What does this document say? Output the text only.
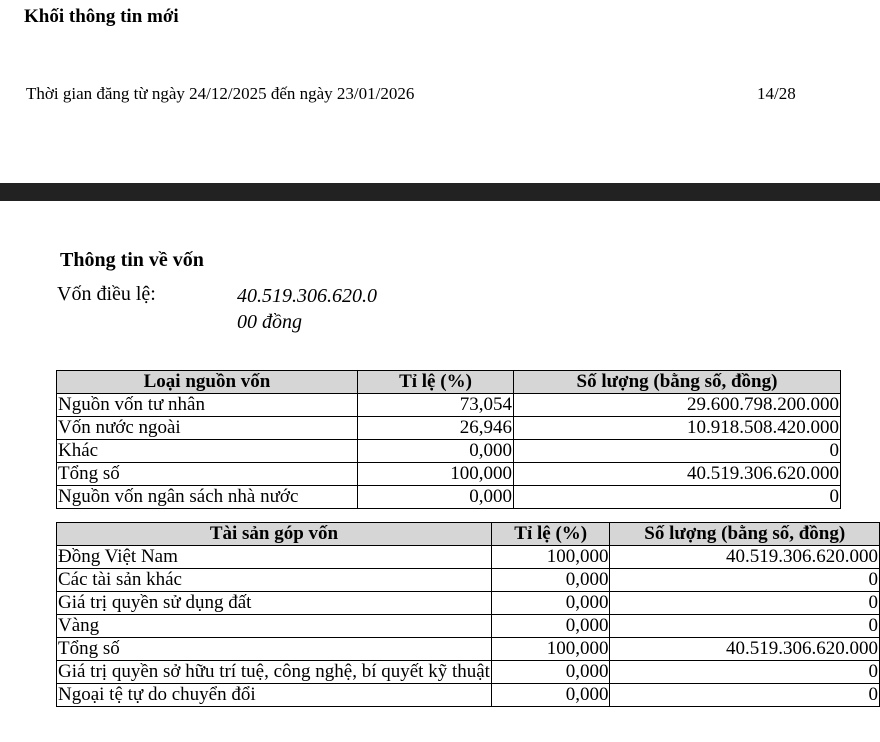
Khối thông tin mới
Thời gian đăng từ ngày 24/12/2025 đến ngày 23/01/2026	14/28
Thông tin về vốn
Vốn điều lệ:	40.519.306.620.0
00 đồng
Loại nguồn vốn	Tỉ lệ (%)	Số lượng (bằng số, đồng)
Nguồn vốn tư nhân	73,054	29.600.798.200.000
Vốn nước ngoài	26,946	10.918.508.420.000
Khác	0,000	0
Tổng số	100,000	40.519.306.620.000
Nguồn vốn ngân sách nhà nước	0,000	0
Tài sản góp vốn	Tỉ lệ (%)	Số lượng (bằng số, đồng)
Đồng Việt Nam	100,000	40.519.306.620.000
Các tài sản khác	0,000	0
Giá trị quyền sử dụng đất	0,000	0
Vàng	0,000	0
Tổng số	100,000	40.519.306.620.000
Giá trị quyền sở hữu trí tuệ, công nghệ, bí quyết kỹ thuật	0,000	0
Ngoại tệ tự do chuyển đổi	0,000	0
